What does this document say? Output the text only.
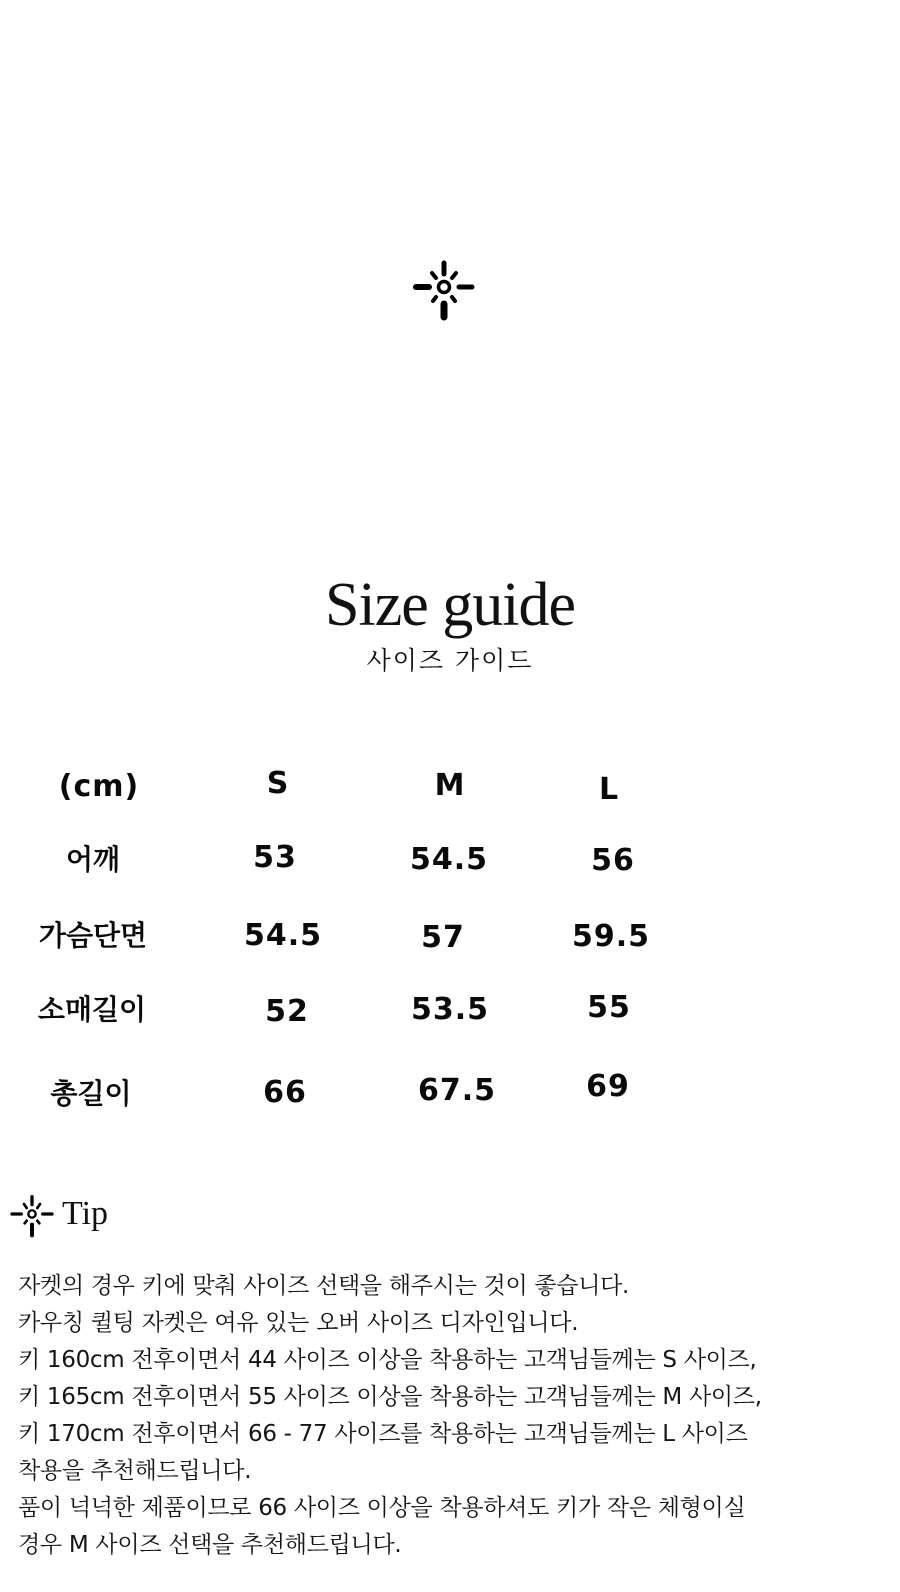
Size guide
사이즈 가이드
(cm)	S	M	L
어깨	53	54.5	56
가슴단면	54.5	57	59.5
소매길이	52	53.5	55
총길이	66	67.5	69
Tip
자켓의 경우 키에 맞춰 사이즈 선택을 해주시는 것이 좋습니다.
카우칭 퀼팅 자켓은 여유 있는 오버 사이즈 디자인입니다.
키 160cm 전후이면서 44 사이즈 이상을 착용하는 고객님들께는 S 사이즈,
키 165cm 전후이면서 55 사이즈 이상을 착용하는 고객님들께는 M 사이즈,
키 170cm 전후이면서 66 - 77 사이즈를 착용하는 고객님들께는 L 사이즈
착용을 추천해드립니다.
품이 넉넉한 제품이므로 66 사이즈 이상을 착용하셔도 키가 작은 체형이실
경우 M 사이즈 선택을 추천해드립니다.
